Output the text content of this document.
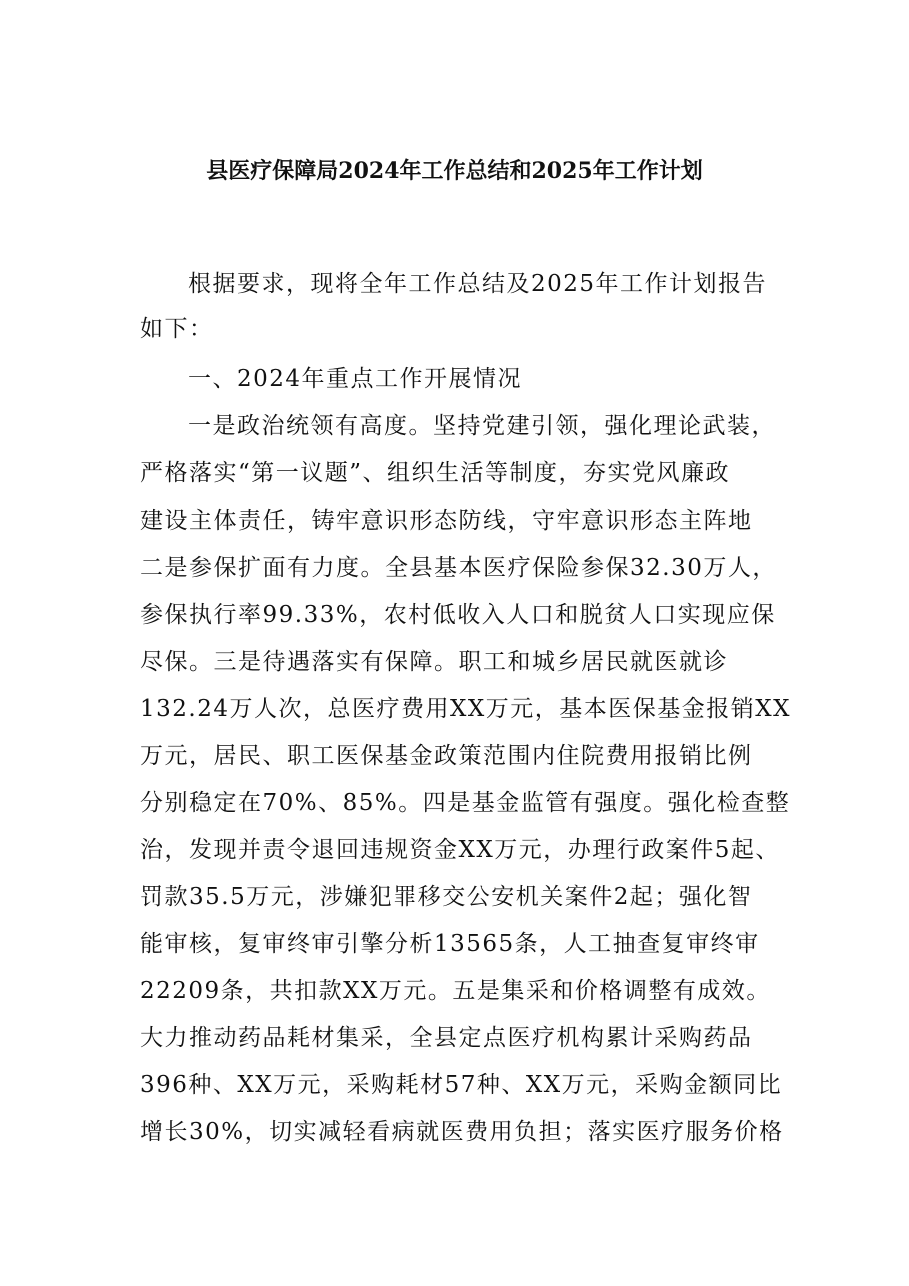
县医疗保障局2024年工作总结和2025年工作计划

根据要求，现将全年工作总结及2025年工作计划报告

如下：

一、2024年重点工作开展情况

一是政治统领有高度。坚持党建引领，强化理论武装，

严格落实“第一议题”、组织生活等制度，夯实党风廉政

建设主体责任，铸牢意识形态防线，守牢意识形态主阵地

二是参保扩面有力度。全县基本医疗保险参保32.30万人，

参保执行率99.33%，农村低收入人口和脱贫人口实现应保

尽保。三是待遇落实有保障。职工和城乡居民就医就诊

132.24万人次，总医疗费用XX万元，基本医保基金报销XX

万元，居民、职工医保基金政策范围内住院费用报销比例

分别稳定在70%、85%。四是基金监管有强度。强化检查整

治，发现并责令退回违规资金XX万元，办理行政案件5起、

罚款35.5万元，涉嫌犯罪移交公安机关案件2起；强化智

能审核，复审终审引擎分析13565条，人工抽查复审终审

22209条，共扣款XX万元。五是集采和价格调整有成效。

大力推动药品耗材集采，全县定点医疗机构累计采购药品

396种、XX万元，采购耗材57种、XX万元，采购金额同比

增长30%，切实减轻看病就医费用负担；落实医疗服务价格
